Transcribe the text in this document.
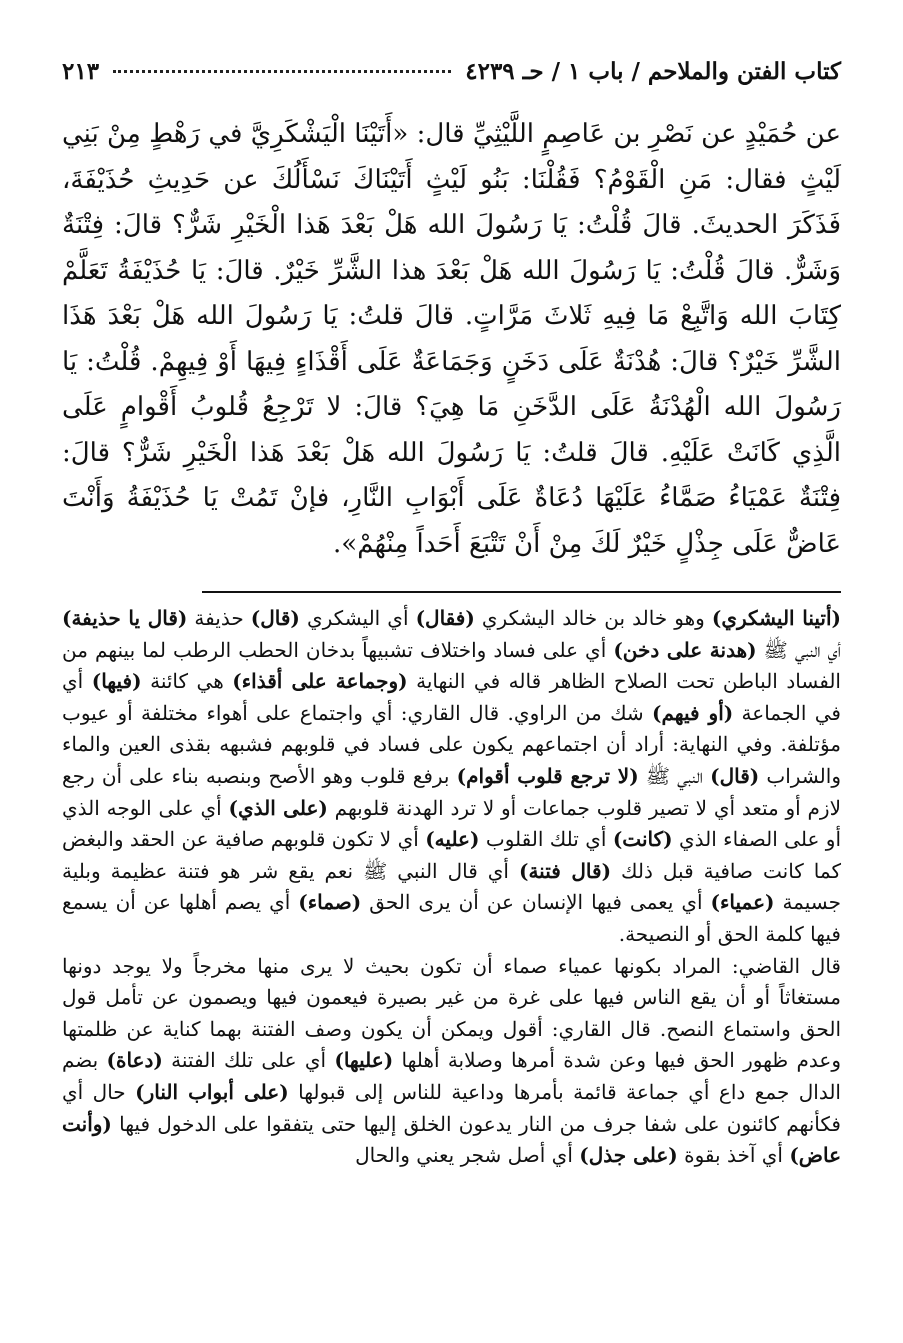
كتاب الفتن والملاحم / باب ١ / حـ ٤٢٣٩
٢١٣

عن حُمَيْدٍ عن نَصْرِ بن عَاصِمٍ اللَّيْثِيِّ قال: «أَتَيْنَا الْيَشْكَرِيَّ في رَهْطٍ مِنْ بَنِي لَيْثٍ فقال: مَنِ الْقَوْمُ؟ فَقُلْنَا: بَنُو لَيْثٍ أَتَيْنَاكَ نَسْأَلُكَ عن حَدِيثِ حُذَيْفَةَ، فَذَكَرَ الحديثَ. قالَ قُلْتُ: يَا رَسُولَ الله هَلْ بَعْدَ هَذا الْخَيْرِ شَرٌّ؟ قالَ: فِتْنَةٌ وَشَرٌّ. قالَ قُلْتُ: يَا رَسُولَ الله هَلْ بَعْدَ هذا الشَّرِّ خَيْرٌ. قالَ: يَا حُذَيْفَةُ تَعَلَّمْ كِتَابَ الله وَاتَّبِعْ مَا فِيهِ ثَلاثَ مَرَّاتٍ. قالَ قلتُ: يَا رَسُولَ الله هَلْ بَعْدَ هَذَا الشَّرِّ خَيْرٌ؟ قالَ: هُدْنَةٌ عَلَى دَخَنٍ وَجَمَاعَةٌ عَلَى أَقْذَاءٍ فِيهَا أَوْ فِيهِمْ. قُلْتُ: يَا رَسُولَ الله الْهُدْنَةُ عَلَى الدَّخَنِ مَا هِيَ؟ قالَ: لا تَرْجِعُ قُلوبُ أَقْوامٍ عَلَى الَّذِي كَانَتْ عَلَيْهِ. قالَ قلتُ: يَا رَسُولَ الله هَلْ بَعْدَ هَذا الْخَيْرِ شَرٌّ؟ قالَ: فِتْنَةٌ عَمْيَاءُ صَمَّاءُ عَلَيْهَا دُعَاةٌ عَلَى أَبْوَابِ النَّارِ، فإنْ تَمُتْ يَا حُذَيْفَةُ وَأَنْتَ عَاضٌّ عَلَى جِذْلٍ خَيْرٌ لَكَ مِنْ أَنْ تَتْبَعَ أَحَداً مِنْهُمْ».

(أتينا اليشكري) وهو خالد بن خالد اليشكري (فقال) أي اليشكري (قال) حذيفة (قال يا حذيفة) أي النبي ﷺ (هدنة على دخن) أي على فساد واختلاف تشبيهاً بدخان الحطب الرطب لما بينهم من الفساد الباطن تحت الصلاح الظاهر قاله في النهاية (وجماعة على أقذاء) هي كائنة (فيها) أي في الجماعة (أو فيهم) شك من الراوي. قال القاري: أي واجتماع على أهواء مختلفة أو عيوب مؤتلفة. وفي النهاية: أراد أن اجتماعهم يكون على فساد في قلوبهم فشبهه بقذى العين والماء والشراب (قال) النبي ﷺ (لا ترجع قلوب أقوام) برفع قلوب وهو الأصح وبنصبه بناء على أن رجع لازم أو متعد أي لا تصير قلوب جماعات أو لا ترد الهدنة قلوبهم (على الذي) أي على الوجه الذي أو على الصفاء الذي (كانت) أي تلك القلوب (عليه) أي لا تكون قلوبهم صافية عن الحقد والبغض كما كانت صافية قبل ذلك (قال فتنة) أي قال النبي ﷺ نعم يقع شر هو فتنة عظيمة وبلية جسيمة (عمياء) أي يعمى فيها الإنسان عن أن يرى الحق (صماء) أي يصم أهلها عن أن يسمع فيها كلمة الحق أو النصيحة.

قال القاضي: المراد بكونها عمياء صماء أن تكون بحيث لا يرى منها مخرجاً ولا يوجد دونها مستغاثاً أو أن يقع الناس فيها على غرة من غير بصيرة فيعمون فيها ويصمون عن تأمل قول الحق واستماع النصح. قال القاري: أقول ويمكن أن يكون وصف الفتنة بهما كناية عن ظلمتها وعدم ظهور الحق فيها وعن شدة أمرها وصلابة أهلها (عليها) أي على تلك الفتنة (دعاة) بضم الدال جمع داع أي جماعة قائمة بأمرها وداعية للناس إلى قبولها (على أبواب النار) حال أي فكأنهم كائنون على شفا جرف من النار يدعون الخلق إليها حتى يتفقوا على الدخول فيها (وأنت عاض) أي آخذ بقوة (على جذل) أي أصل شجر يعني والحال
